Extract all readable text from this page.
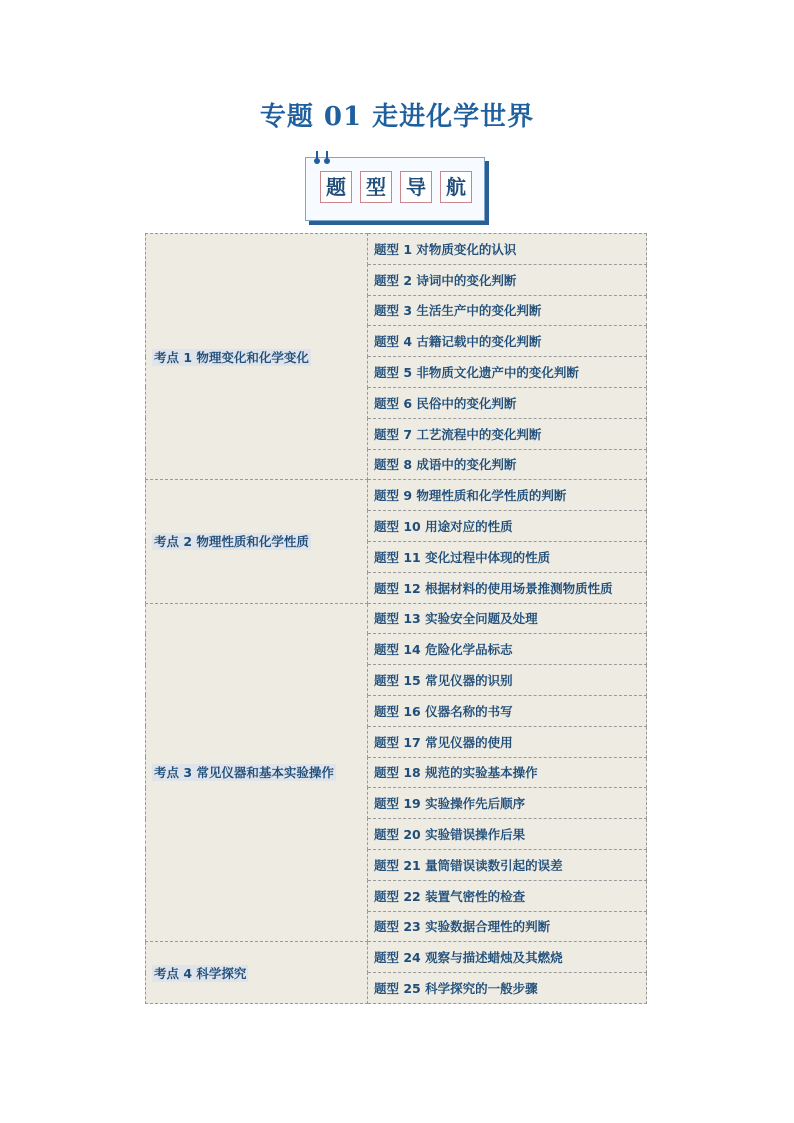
专题 01 走进化学世界
题	型	导	航
考点 1 物理变化和化学变化	题型 1 对物质变化的认识
	题型 2 诗词中的变化判断
	题型 3 生活生产中的变化判断
	题型 4 古籍记载中的变化判断
	题型 5 非物质文化遗产中的变化判断
	题型 6 民俗中的变化判断
	题型 7 工艺流程中的变化判断
	题型 8 成语中的变化判断
考点 2 物理性质和化学性质	题型 9 物理性质和化学性质的判断
	题型 10 用途对应的性质
	题型 11 变化过程中体现的性质
	题型 12 根据材料的使用场景推测物质性质
考点 3 常见仪器和基本实验操作	题型 13 实验安全问题及处理
	题型 14 危险化学品标志
	题型 15 常见仪器的识别
	题型 16 仪器名称的书写
	题型 17 常见仪器的使用
	题型 18 规范的实验基本操作
	题型 19 实验操作先后顺序
	题型 20 实验错误操作后果
	题型 21 量筒错误读数引起的误差
	题型 22 装置气密性的检查
	题型 23 实验数据合理性的判断
考点 4 科学探究	题型 24 观察与描述蜡烛及其燃烧
	题型 25 科学探究的一般步骤
